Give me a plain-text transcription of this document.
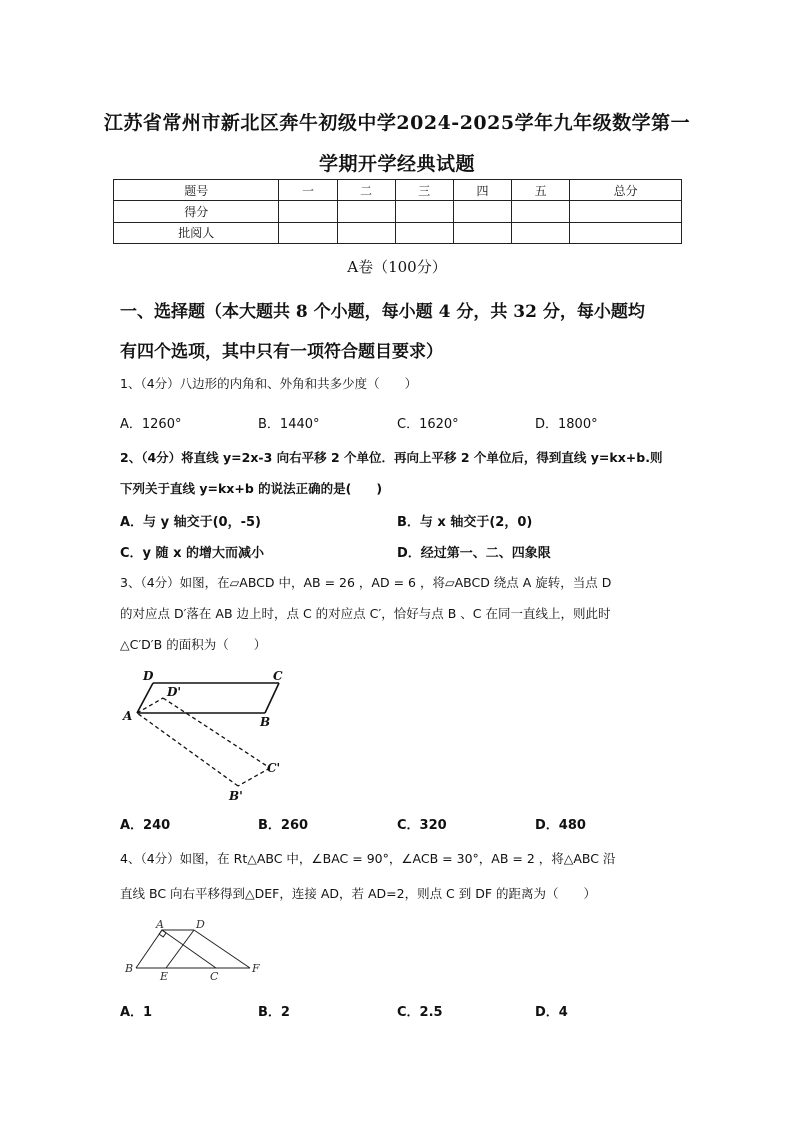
江苏省常州市新北区奔牛初级中学2024-2025学年九年级数学第一
学期开学经典试题
题号	一	二	三	四	五	总分
得分						
批阅人						
A卷（100分）
一、选择题（本大题共 8 个小题，每小题 4 分，共 32 分，每小题均
有四个选项，其中只有一项符合题目要求）
1、（4分）八边形的内角和、外角和共多少度（　　）
A．1260°	B．1440°	C．1620°	D．1800°
2、（4分）将直线 y=2x-3 向右平移 2 个单位．再向上平移 2 个单位后，得到直线 y=kx+b.则
下列关于直线 y=kx+b 的说法正确的是(　　)
A．与 y 轴交于(0，-5)	B．与 x 轴交于(2，0)
C．y 随 x 的增大而减小	D．经过第一、二、四象限
3、（4分）如图，在▱ABCD 中，AB = 26 ，AD = 6 ，将▱ABCD 绕点 A 旋转，当点 D
的对应点 D′落在 AB 边上时，点 C 的对应点 C′，恰好与点 B 、C 在同一直线上，则此时
△C′D′B 的面积为（　　）
D
D'
C
A	B
C'
B'
A．240	B．260	C．320	D．480
4、（4分）如图，在 Rt△ABC 中，∠BAC = 90°，∠ACB = 30°，AB = 2 ，将△ABC 沿
直线 BC 向右平移得到△DEF，连接 AD，若 AD=2，则点 C 到 DF 的距离为（　　）
A	D
B
E	C
F
A．1	B．2	C．2.5	D．4
